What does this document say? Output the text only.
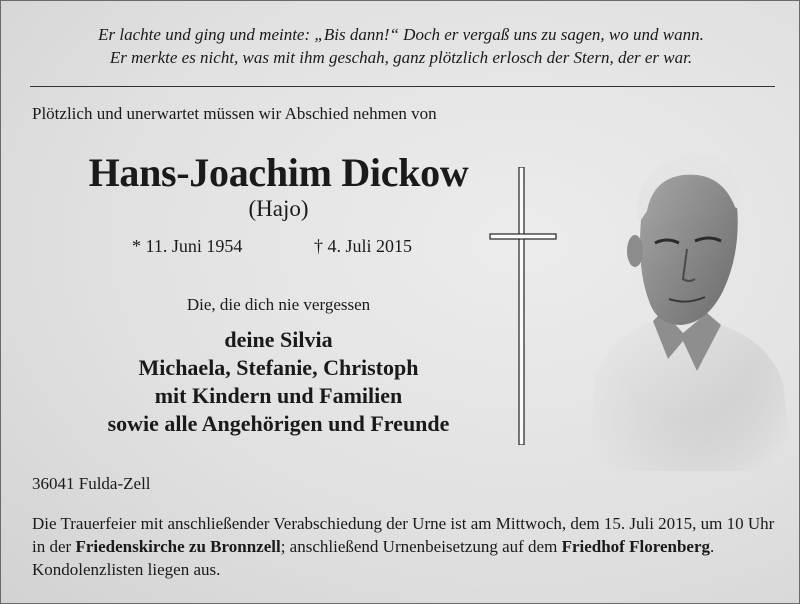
Er lachte und ging und meinte: „Bis dann!“ Doch er vergaß uns zu sagen, wo und wann.
Er merkte es nicht, was mit ihm geschah, ganz plötzlich erlosch der Stern, der er war.
Plötzlich und unerwartet müssen wir Abschied nehmen von
Hans-Joachim Dickow
(Hajo)
* 11. Juni 1954	† 4. Juli 2015
Die, die dich nie vergessen
deine Silvia
Michaela, Stefanie, Christoph
mit Kindern und Familien
sowie alle Angehörigen und Freunde
36041 Fulda-Zell
Die Trauerfeier mit anschließender Verabschiedung der Urne ist am Mittwoch, dem 15. Juli 2015, um 10 Uhr in der Friedenskirche zu Bronnzell; anschließend Urnenbeisetzung auf dem Friedhof Florenberg. Kondolenzlisten liegen aus.
